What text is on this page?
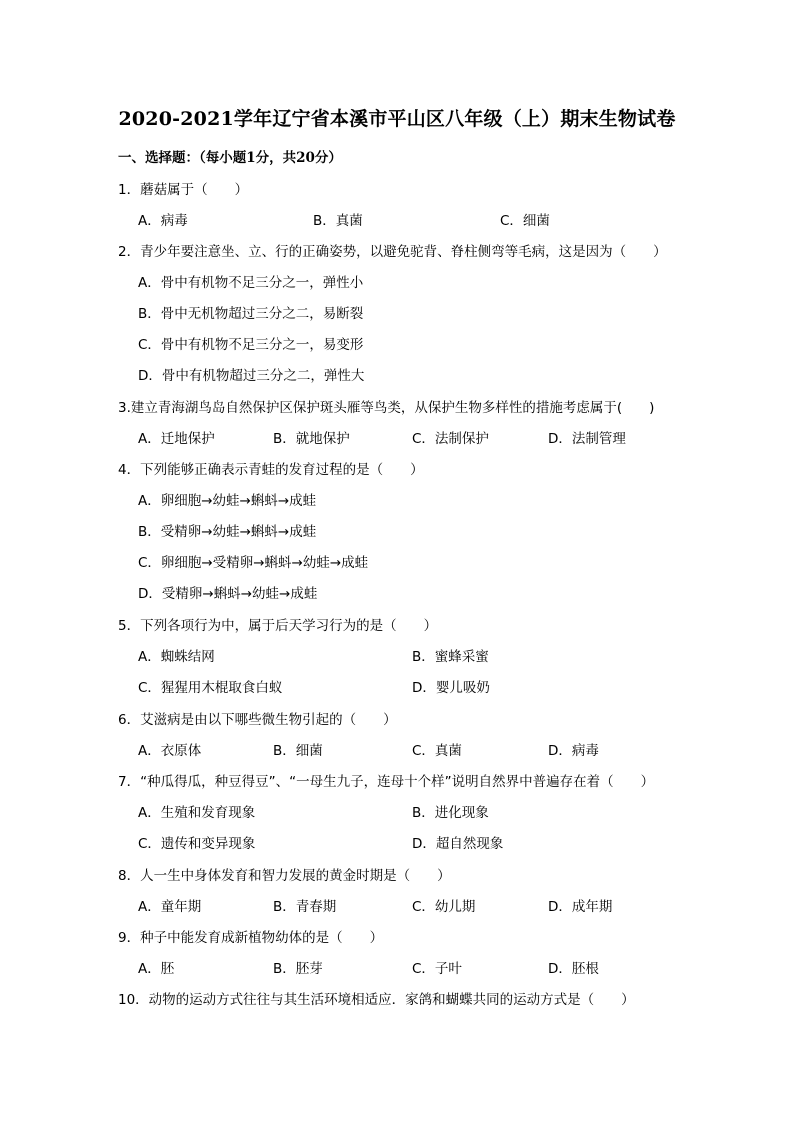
2020-2021学年辽宁省本溪市平山区八年级（上）期末生物试卷
一、选择题：（每小题1分，共20分）
1．蘑菇属于（　　）
A．病毒	B．真菌	C．细菌
2．青少年要注意坐、立、行的正确姿势，以避免驼背、脊柱侧弯等毛病，这是因为（　　）
A．骨中有机物不足三分之一，弹性小
B．骨中无机物超过三分之二，易断裂
C．骨中有机物不足三分之一，易变形
D．骨中有机物超过三分之二，弹性大
3.建立青海湖鸟岛自然保护区保护斑头雁等鸟类，从保护生物多样性的措施考虑属于(　　)
A．迁地保护	B．就地保护	C．法制保护	D．法制管理
4．下列能够正确表示青蛙的发育过程的是（　　）
A．卵细胞→幼蛙→蝌蚪→成蛙
B．受精卵→幼蛙→蝌蚪→成蛙
C．卵细胞→受精卵→蝌蚪→幼蛙→成蛙
D．受精卵→蝌蚪→幼蛙→成蛙
5．下列各项行为中，属于后天学习行为的是（　　）
A．蜘蛛结网	B．蜜蜂采蜜
C．猩猩用木棍取食白蚁	D．婴儿吸奶
6．艾滋病是由以下哪些微生物引起的（　　）
A．衣原体	B．细菌	C．真菌	D．病毒
7．“种瓜得瓜，种豆得豆”、“一母生九子，连母十个样”说明自然界中普遍存在着（　　）
A．生殖和发育现象	B．进化现象
C．遗传和变异现象	D．超自然现象
8．人一生中身体发育和智力发展的黄金时期是（　　）
A．童年期	B．青春期	C．幼儿期	D．成年期
9．种子中能发育成新植物幼体的是（　　）
A．胚	B．胚芽	C．子叶	D．胚根
10．动物的运动方式往往与其生活环境相适应．家鸽和蝴蝶共同的运动方式是（　　）
